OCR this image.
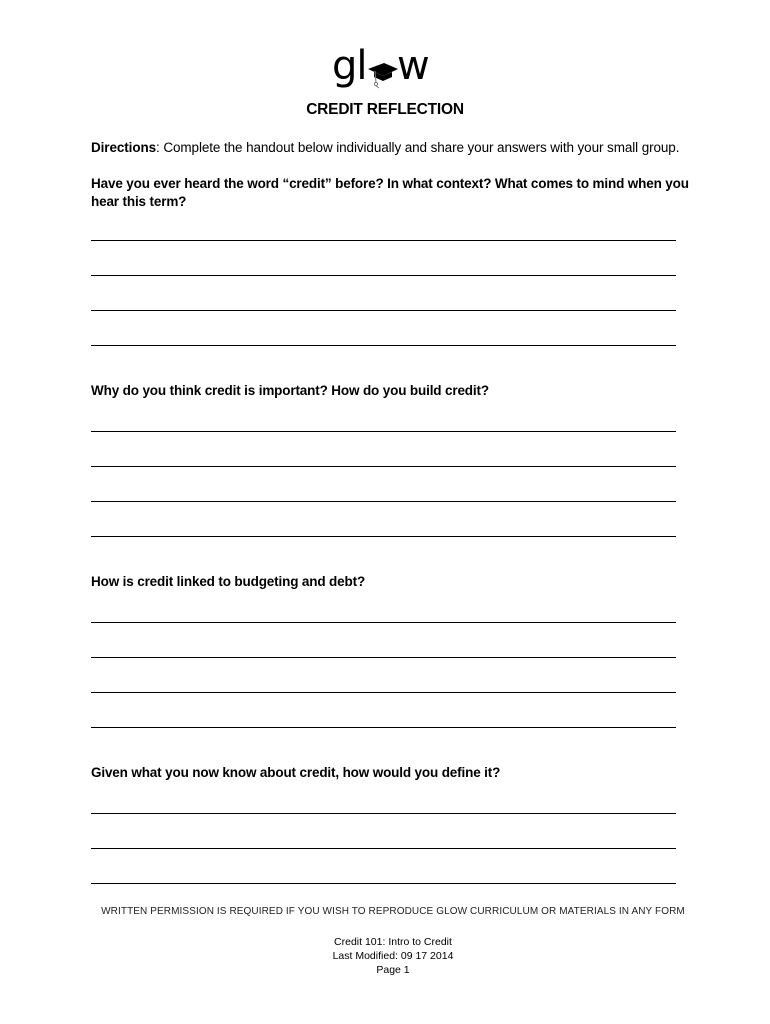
gl w
CREDIT REFLECTION
Directions: Complete the handout below individually and share your answers with your small group.
Have you ever heard the word “credit” before? In what context? What comes to mind when you hear this term?
Why do you think credit is important? How do you build credit?
How is credit linked to budgeting and debt?
Given what you now know about credit, how would you define it?
WRITTEN PERMISSION IS REQUIRED IF YOU WISH TO REPRODUCE GLOW CURRICULUM OR MATERIALS IN ANY FORM
Credit 101: Intro to Credit
Last Modified: 09 17 2014
Page 1
